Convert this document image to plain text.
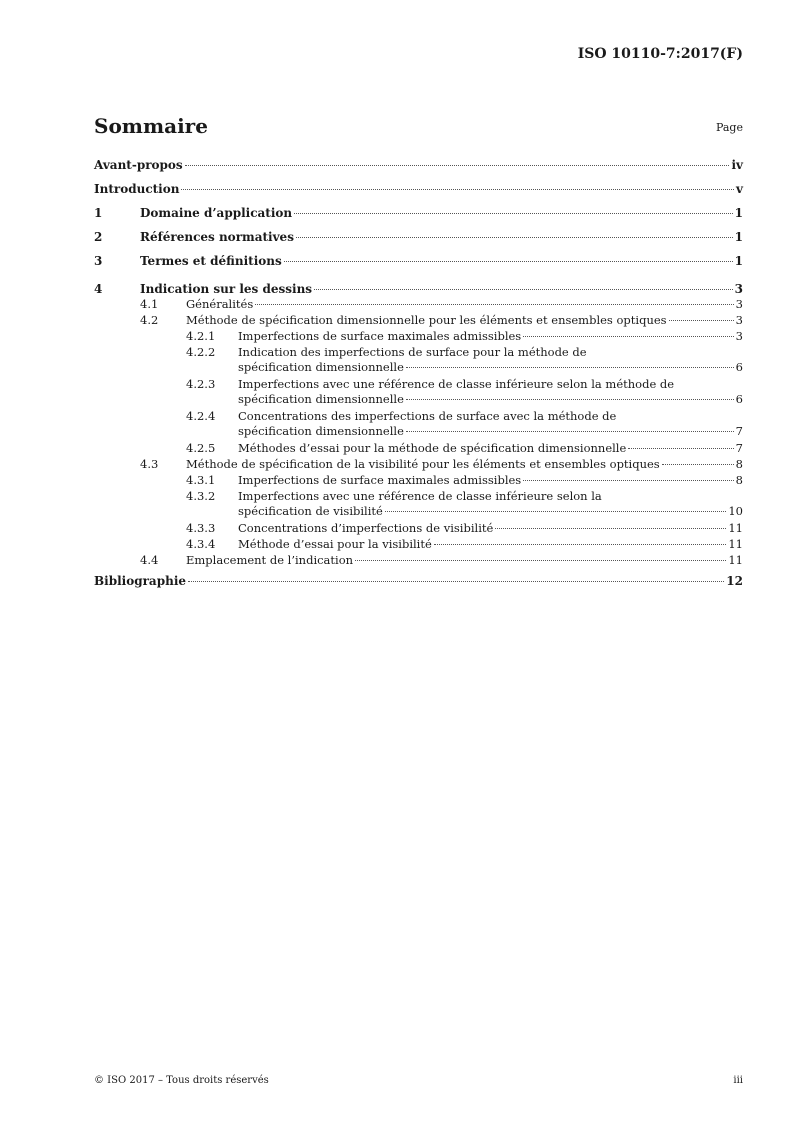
ISO 10110-7:2017(F)
Sommaire	Page
Avant-propos	iv
Introduction	v
1	Domaine d’application	1
2	Références normatives	1
3	Termes et définitions	1
4	Indication sur les dessins	3
4.1	Généralités	3
4.2	Méthode de spécification dimensionnelle pour les éléments et ensembles optiques	3
4.2.1	Imperfections de surface maximales admissibles	3
4.2.2	Indication des imperfections de surface pour la méthode de
spécification dimensionnelle	6
4.2.3	Imperfections avec une référence de classe inférieure selon la méthode de
spécification dimensionnelle	6
4.2.4	Concentrations des imperfections de surface avec la méthode de
spécification dimensionnelle	7
4.2.5	Méthodes d’essai pour la méthode de spécification dimensionnelle	7
4.3	Méthode de spécification de la visibilité pour les éléments et ensembles optiques	8
4.3.1	Imperfections de surface maximales admissibles	8
4.3.2	Imperfections avec une référence de classe inférieure selon la
spécification de visibilité	10
4.3.3	Concentrations d’imperfections de visibilité	11
4.3.4	Méthode d’essai pour la visibilité	11
4.4	Emplacement de l’indication	11
Bibliographie	12
© ISO 2017 – Tous droits réservés	iii
